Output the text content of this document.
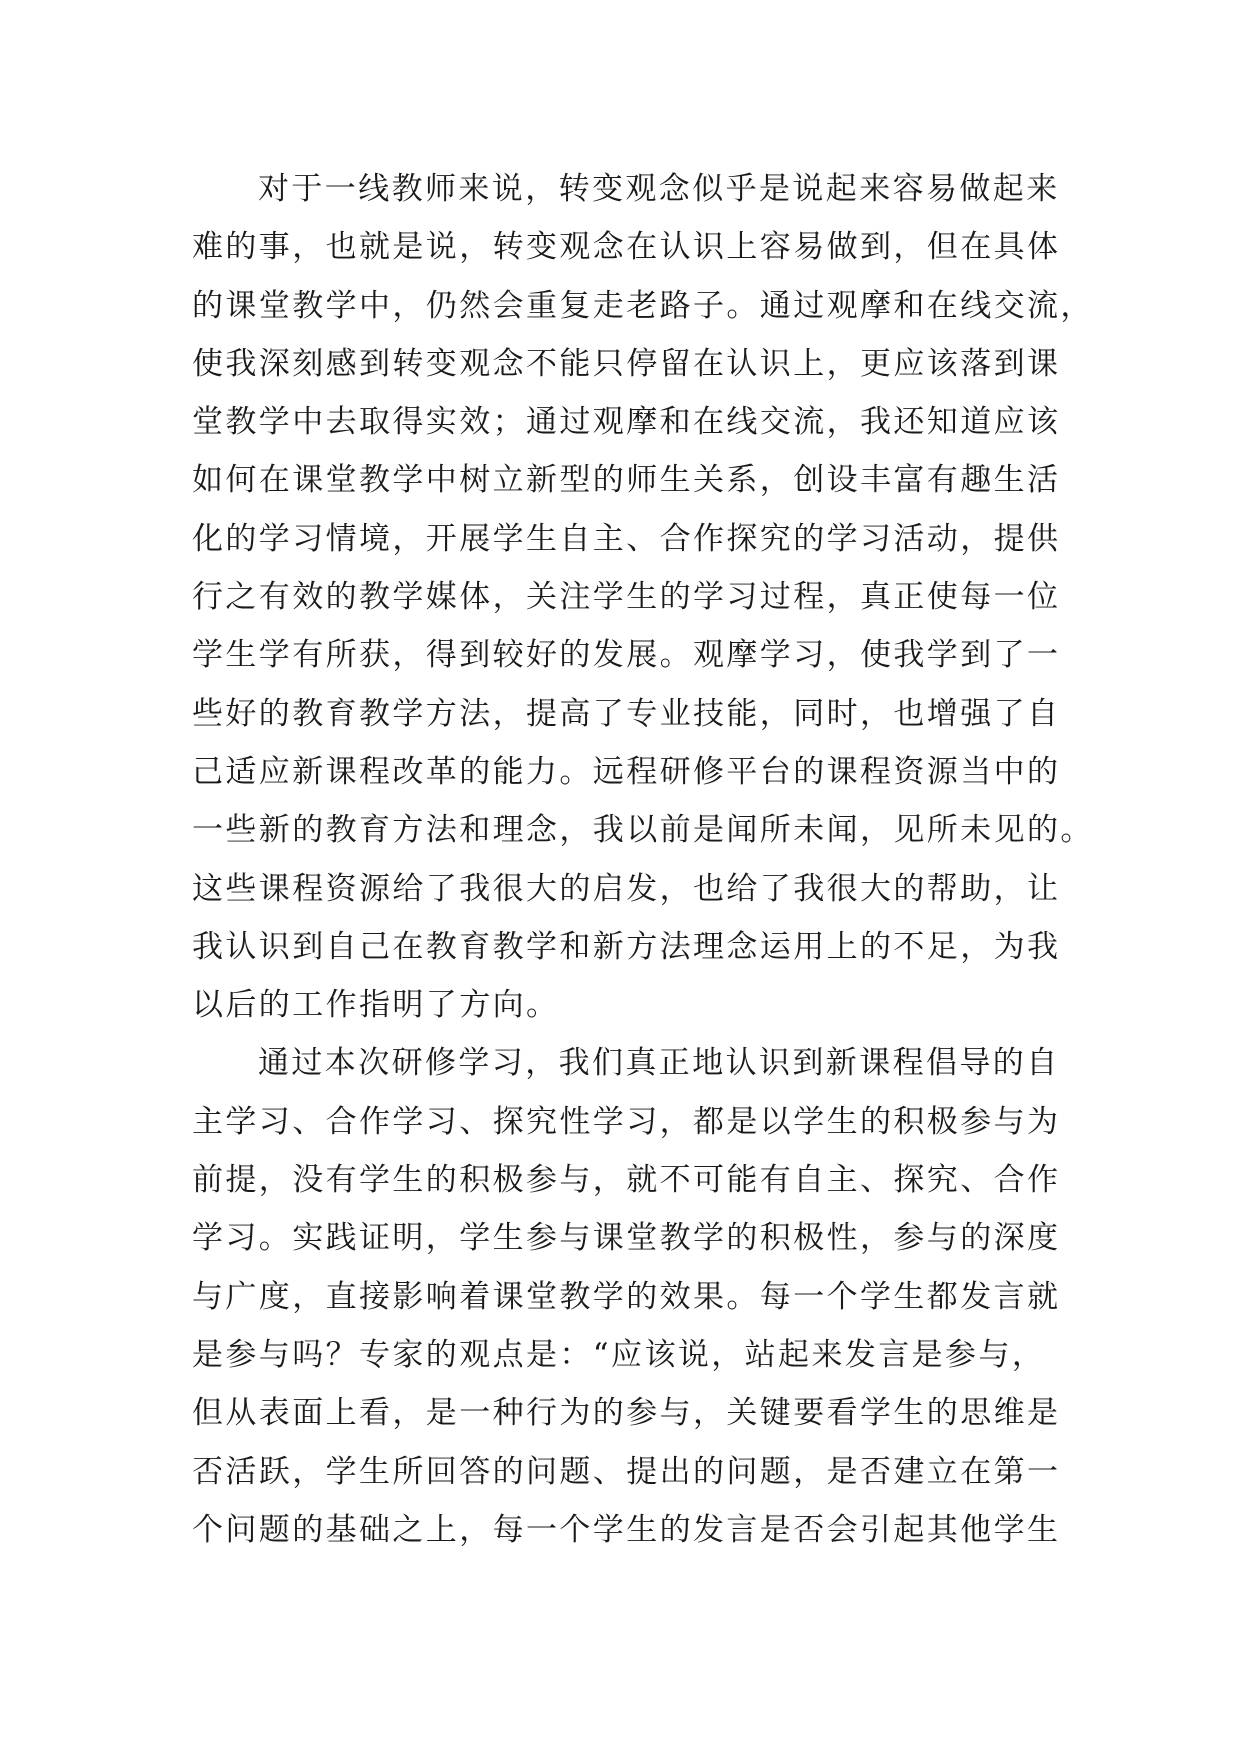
对于一线教师来说，转变观念似乎是说起来容易做起来
难的事，也就是说，转变观念在认识上容易做到，但在具体
的课堂教学中，仍然会重复走老路子。通过观摩和在线交流，
使我深刻感到转变观念不能只停留在认识上，更应该落到课
堂教学中去取得实效；通过观摩和在线交流，我还知道应该
如何在课堂教学中树立新型的师生关系，创设丰富有趣生活
化的学习情境，开展学生自主、合作探究的学习活动，提供
行之有效的教学媒体，关注学生的学习过程，真正使每一位
学生学有所获，得到较好的发展。观摩学习，使我学到了一
些好的教育教学方法，提高了专业技能，同时，也增强了自
己适应新课程改革的能力。远程研修平台的课程资源当中的
一些新的教育方法和理念，我以前是闻所未闻，见所未见的。
这些课程资源给了我很大的启发，也给了我很大的帮助，让
我认识到自己在教育教学和新方法理念运用上的不足，为我
以后的工作指明了方向。
通过本次研修学习，我们真正地认识到新课程倡导的自
主学习、合作学习、探究性学习，都是以学生的积极参与为
前提，没有学生的积极参与，就不可能有自主、探究、合作
学习。实践证明，学生参与课堂教学的积极性，参与的深度
与广度，直接影响着课堂教学的效果。每一个学生都发言就
是参与吗？专家的观点是：“应该说，站起来发言是参与，
但从表面上看，是一种行为的参与，关键要看学生的思维是
否活跃，学生所回答的问题、提出的问题，是否建立在第一
个问题的基础之上，每一个学生的发言是否会引起其他学生
